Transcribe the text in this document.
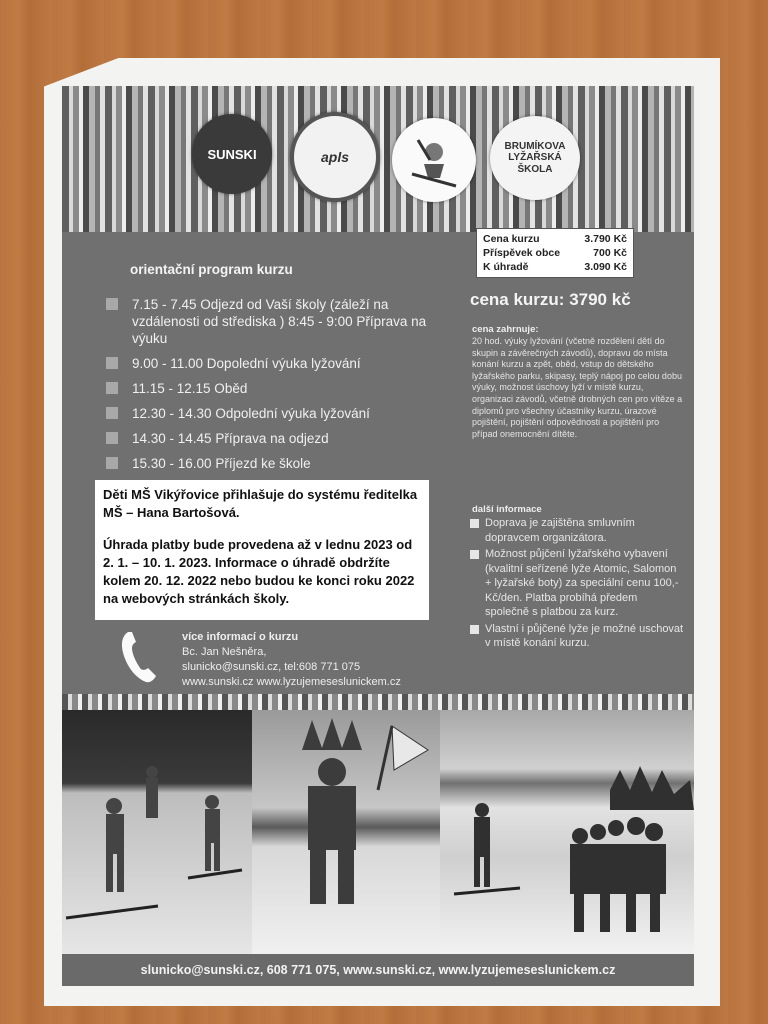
SUNSKI	apls
BRUMÍKOVA
LYŽAŘSKÁ
ŠKOLA
Cena kurzu	3.790 Kč
Příspěvek obce	700 Kč
K úhradě	3.090 Kč
orientační program kurzu
7.15 - 7.45 Odjezd od Vaší školy (záleží na vzdálenosti od střediska ) 8:45 - 9:00 Příprava na výuku
9.00 - 11.00 Dopolední výuka lyžování
11.15 - 12.15 Oběd
12.30 - 14.30 Odpolední výuka lyžování
14.30 - 14.45 Příprava na odjezd
15.30 - 16.00 Příjezd ke škole
cena kurzu: 3790 kč
cena zahrnuje:
20 hod. výuky lyžování (včetně rozdělení dětí do skupin a závěrečných závodů), dopravu do místa konání kurzu a zpět, oběd, vstup do dětského lyžařského parku, skipasy, teplý nápoj po celou dobu výuky, možnost úschovy lyží v místě kurzu, organizaci závodů, včetně drobných cen pro vítěze a diplomů pro všechny účastníky kurzu, úrazové pojištění, pojištění odpovědnosti a pojištění pro případ onemocnění dítěte.

Děti MŠ Vikýřovice přihlašuje do systému ředitelka MŠ – Hana Bartošová.

Úhrada platby bude provedena až v lednu 2023 od 2. 1. – 10. 1. 2023. Informace o úhradě obdržíte kolem 20. 12. 2022 nebo budou ke konci roku 2022 na webových stránkách školy.

další informace
Doprava je zajištěna smluvním dopravcem organizátora.
Možnost půjčení lyžařského vybavení (kvalitní seřízené lyže Atomic, Salomon + lyžařské boty) za speciální cenu 100,-Kč/den. Platba probíhá předem společně s platbou za kurz.
Vlastní i půjčené lyže je možné uschovat v místě konání kurzu.
více informací o kurzu
Bc. Jan Nešněra,
slunicko@sunski.cz, tel:608 771 075
www.sunski.cz www.lyzujemeseslunickem.cz
slunicko@sunski.cz, 608 771 075, www.sunski.cz, www.lyzujemeseslunickem.cz
